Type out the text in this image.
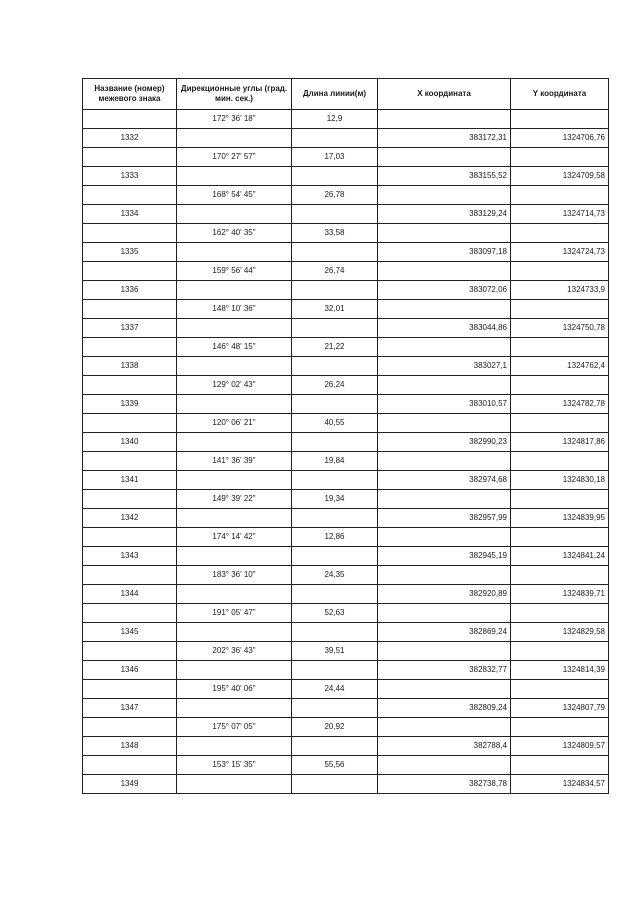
Название (номер) межевого знака	Дирекционные углы (град. мин. сек.)	Длина линии(м)	X координата	Y координата
	172° 36' 18"	12,9		
1332			383172,31	1324706,76
	170° 27' 57"	17,03		
1333			383155,52	1324709,58
	168° 54' 45"	26,78		
1334			383129,24	1324714,73
	162° 40' 35"	33,58		
1335			383097,18	1324724,73
	159° 56' 44"	26,74		
1336			383072,06	1324733,9
	148° 10' 36"	32,01		
1337			383044,86	1324750,78
	146° 48' 15"	21,22		
1338			383027,1	1324762,4
	129° 02' 43"	26,24		
1339			383010,57	1324782,78
	120° 06' 21"	40,55		
1340			382990,23	1324817,86
	141° 36' 39"	19,84		
1341			382974,68	1324830,18
	149° 39' 22"	19,34		
1342			382957,99	1324839,95
	174° 14' 42"	12,86		
1343			382945,19	1324841,24
	183° 36' 10"	24,35		
1344			382920,89	1324839,71
	191° 05' 47"	52,63		
1345			382869,24	1324829,58
	202° 36' 43"	39,51		
1346			382832,77	1324814,39
	195° 40' 06"	24,44		
1347			382809,24	1324807,79
	175° 07' 05"	20,92		
1348			382788,4	1324809,57
	153° 15' 35"	55,56		
1349			382738,78	1324834,57
